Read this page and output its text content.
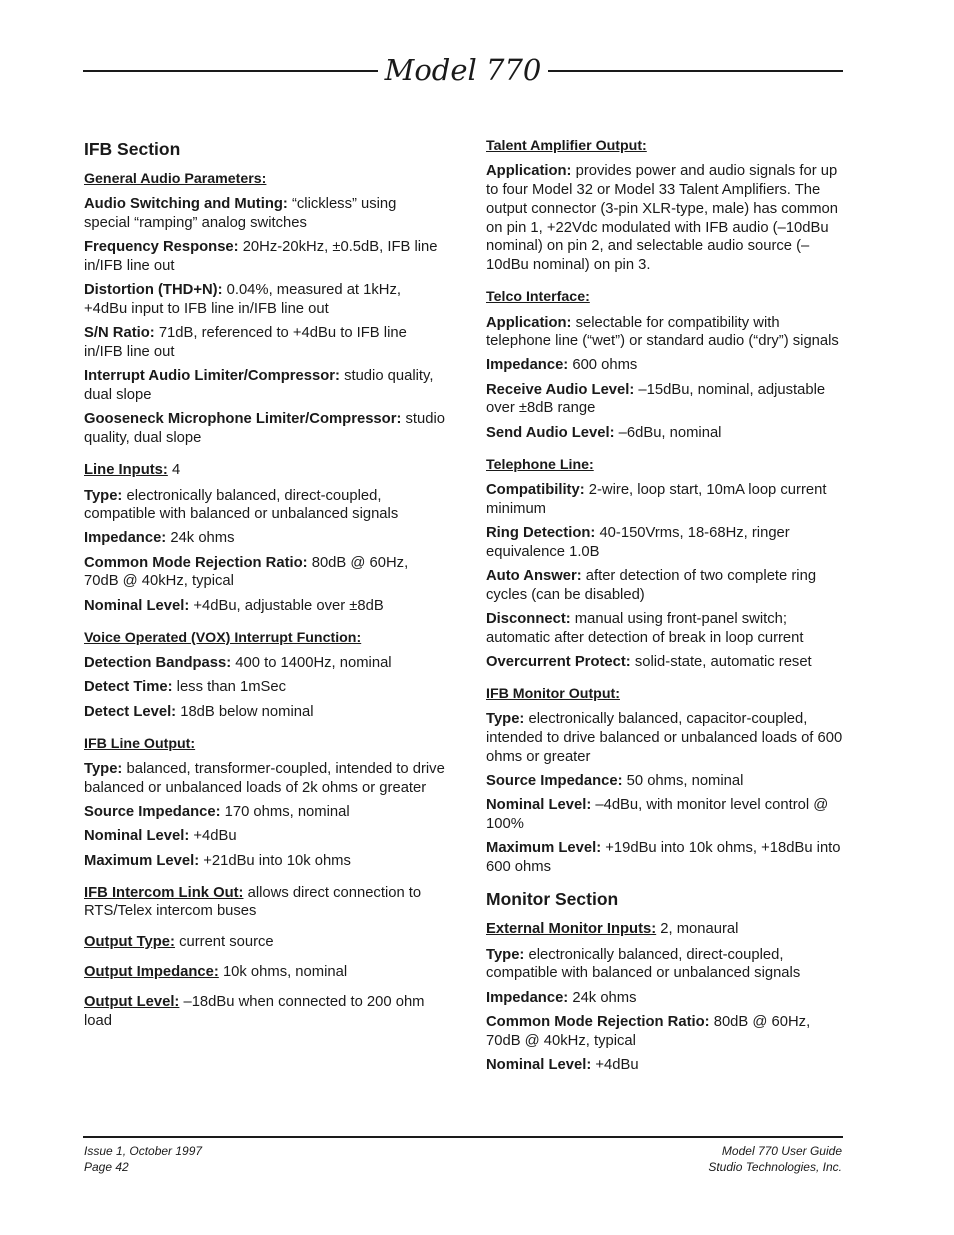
Model 770
IFB Section
General Audio Parameters:
Audio Switching and Muting: “clickless” using special “ramping” analog switches
Frequency Response: 20Hz-20kHz, ±0.5dB, IFB line in/IFB line out
Distortion (THD+N): 0.04%, measured at 1kHz, +4dBu input to IFB line in/IFB line out
S/N Ratio: 71dB, referenced to +4dBu to IFB line in/IFB line out
Interrupt Audio Limiter/Compressor: studio quality, dual slope
Gooseneck Microphone Limiter/Compressor: studio quality, dual slope
Line Inputs: 4
Type: electronically balanced, direct-coupled, compatible with balanced or unbalanced signals
Impedance: 24k ohms
Common Mode Rejection Ratio: 80dB @ 60Hz, 70dB @ 40kHz, typical
Nominal Level: +4dBu, adjustable over ±8dB
Voice Operated (VOX) Interrupt Function:
Detection Bandpass: 400 to 1400Hz, nominal
Detect Time: less than 1mSec
Detect Level: 18dB below nominal
IFB Line Output:
Type: balanced, transformer-coupled, intended to drive balanced or unbalanced loads of 2k ohms or greater
Source Impedance: 170 ohms, nominal
Nominal Level: +4dBu
Maximum Level: +21dBu into 10k ohms
IFB Intercom Link Out: allows direct connection to RTS/Telex intercom buses
Output Type: current source
Output Impedance: 10k ohms, nominal
Output Level: –18dBu when connected to 200 ohm load
Talent Amplifier Output:
Application: provides power and audio signals for up to four Model 32 or Model 33 Talent Amplifiers. The output connector (3-pin XLR-type, male) has common on pin 1, +22Vdc modulated with IFB audio (–10dBu nominal) on pin 2, and selectable audio source (–10dBu nominal) on pin 3.
Telco Interface:
Application: selectable for compatibility with telephone line (“wet”) or standard audio (“dry”) signals
Impedance: 600 ohms
Receive Audio Level: –15dBu, nominal, adjustable over ±8dB range
Send Audio Level: –6dBu, nominal
Telephone Line:
Compatibility: 2-wire, loop start, 10mA loop current minimum
Ring Detection: 40-150Vrms, 18-68Hz, ringer equivalence 1.0B
Auto Answer: after detection of two complete ring cycles (can be disabled)
Disconnect: manual using front-panel switch; automatic after detection of break in loop current
Overcurrent Protect: solid-state, automatic reset
IFB Monitor Output:
Type: electronically balanced, capacitor-coupled, intended to drive balanced or unbalanced loads of 600 ohms or greater
Source Impedance: 50 ohms, nominal
Nominal Level: –4dBu, with monitor level control @ 100%
Maximum Level: +19dBu into 10k ohms, +18dBu into 600 ohms
Monitor Section
External Monitor Inputs: 2, monaural
Type: electronically balanced, direct-coupled, compatible with balanced or unbalanced signals
Impedance: 24k ohms
Common Mode Rejection Ratio: 80dB @ 60Hz, 70dB @ 40kHz, typical
Nominal Level: +4dBu
Issue 1, October 1997
Page 42
Model 770 User Guide
Studio Technologies, Inc.
